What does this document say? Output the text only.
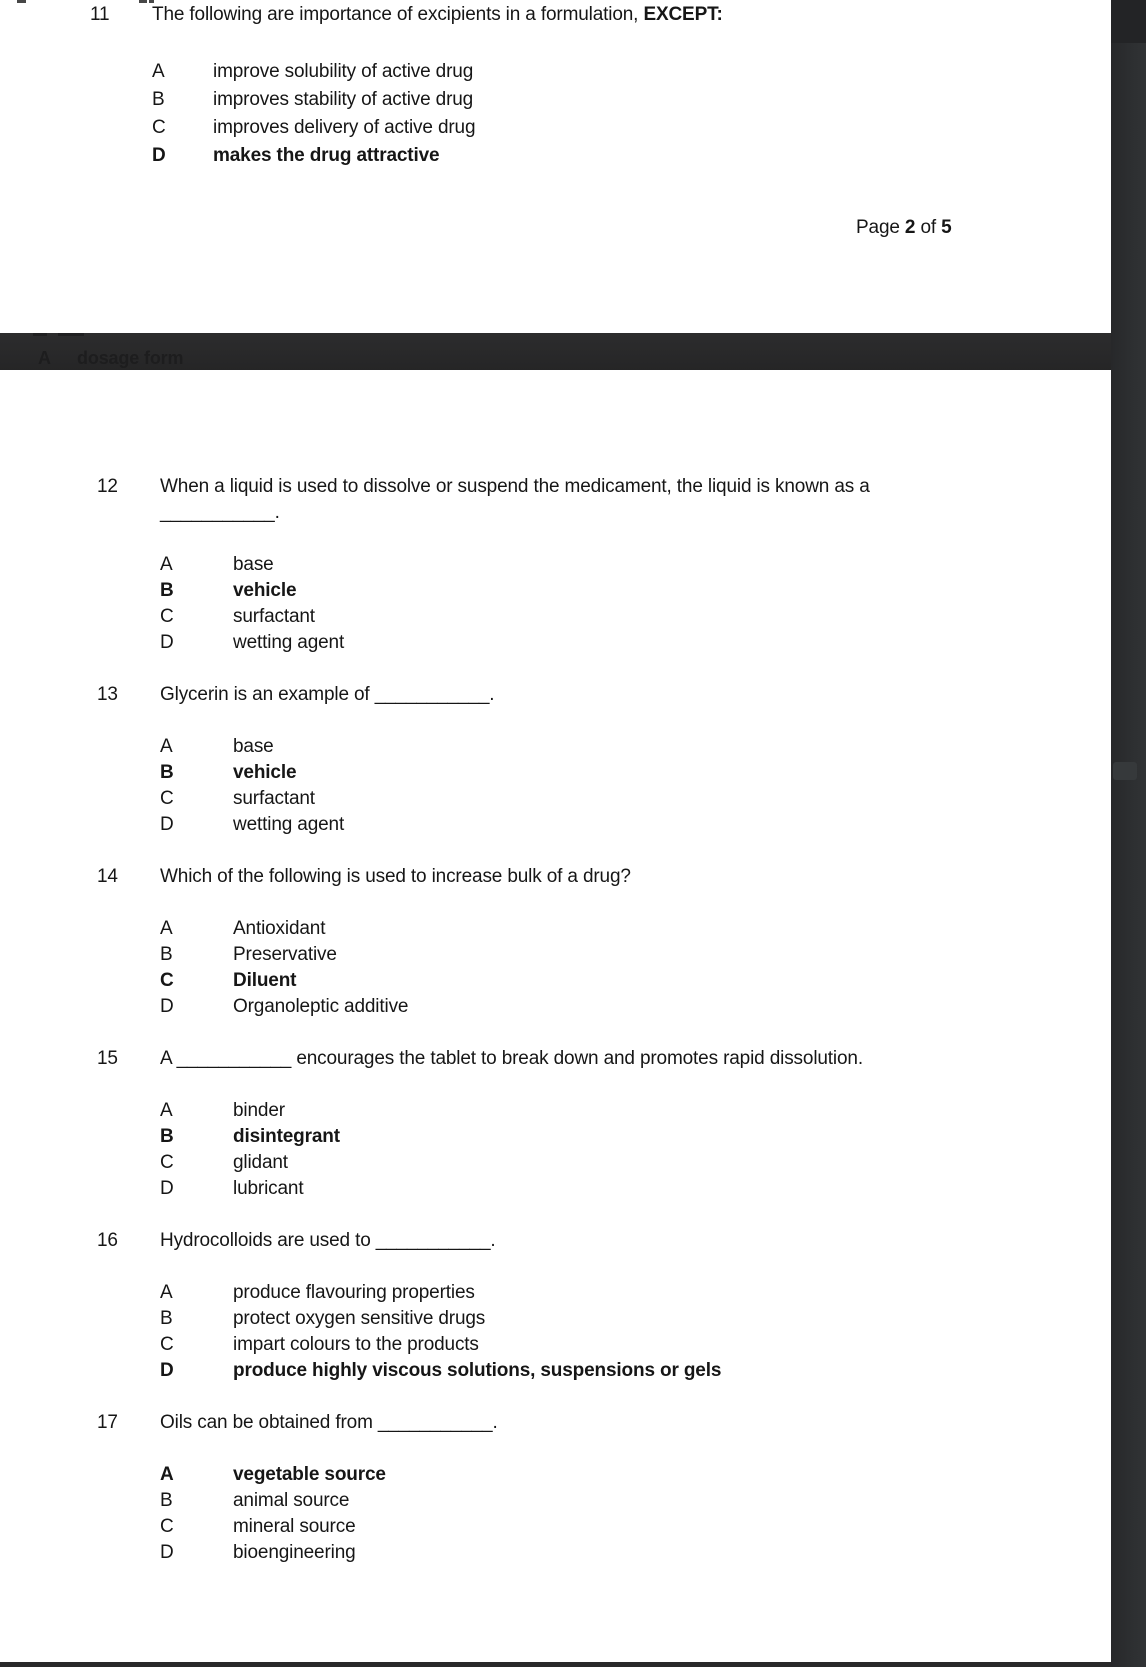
11	The following are importance of excipients in a formulation, EXCEPT:
A	improve solubility of active drug
B	improves stability of active drug
C	improves delivery of active drug
D	makes the drug attractive
Page 2 of 5
A	dosage form
12	When a liquid is used to dissolve or suspend the medicament, the liquid is known as a
___________.
A	base
B	vehicle
C	surfactant
D	wetting agent
13	Glycerin is an example of ___________.
A	base
B	vehicle
C	surfactant
D	wetting agent
14	Which of the following is used to increase bulk of a drug?
A	Antioxidant
B	Preservative
C	Diluent
D	Organoleptic additive
15	A ___________ encourages the tablet to break down and promotes rapid dissolution.
A	binder
B	disintegrant
C	glidant
D	lubricant
16	Hydrocolloids are used to ___________.
A	produce flavouring properties
B	protect oxygen sensitive drugs
C	impart colours to the products
D	produce highly viscous solutions, suspensions or gels
17	Oils can be obtained from ___________.
A	vegetable source
B	animal source
C	mineral source
D	bioengineering
